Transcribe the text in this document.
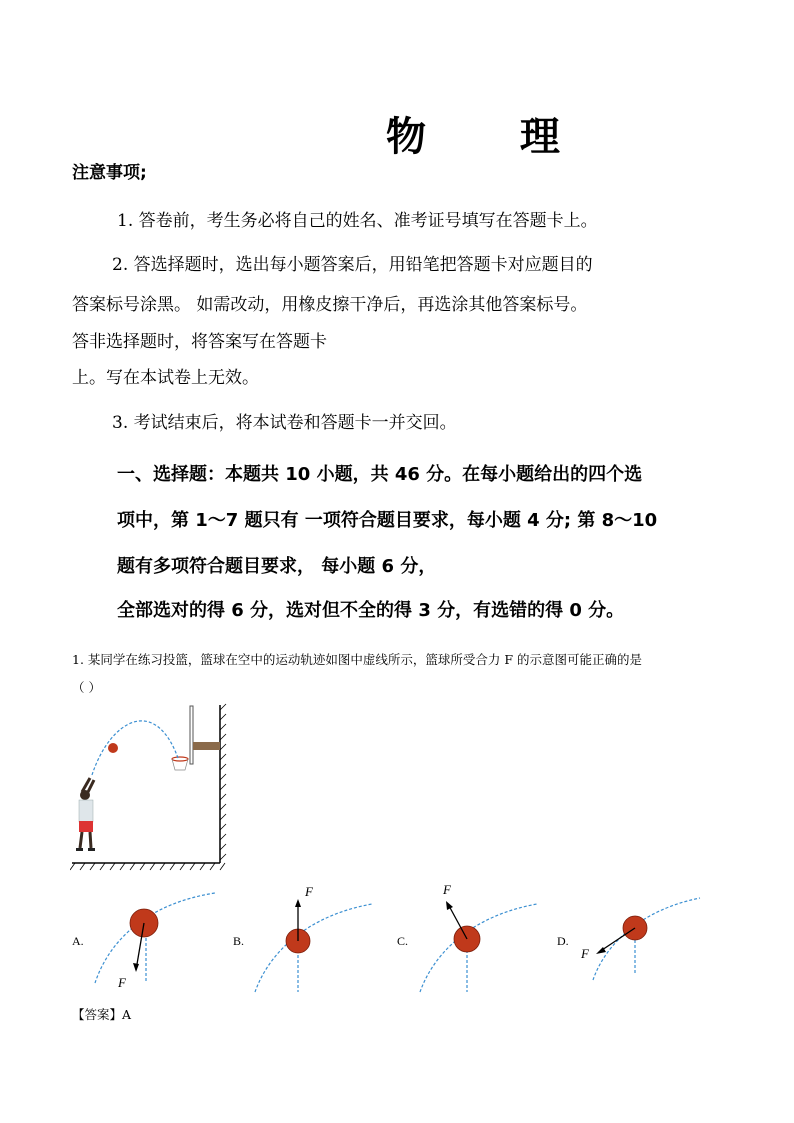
物 理
注意事项;
1. 答卷前，考生务必将自己的姓名、准考证号填写在答题卡上。
2. 答选择题时，选出每小题答案后，用铅笔把答题卡对应题目的
答案标号涂黑。 如需改动，用橡皮擦干净后，再选涂其他答案标号。
答非选择题时，将答案写在答题卡
上。写在本试卷上无效。
3. 考试结束后，将本试卷和答题卡一并交回。
一、选择题：本题共 10 小题，共 46 分。在每小题给出的四个选
项中，第 1～7 题只有 一项符合题目要求，每小题 4 分; 第 8～10
题有多项符合题目要求， 每小题 6 分，
全部选对的得 6 分，选对但不全的得 3 分，有选错的得 0 分。
1. 某同学在练习投篮，篮球在空中的运动轨迹如图中虚线所示，篮球所受合力 F 的示意图可能正确的是
（ ）
A.	B.	C.	D.
F
F	F
F
【答案】A
